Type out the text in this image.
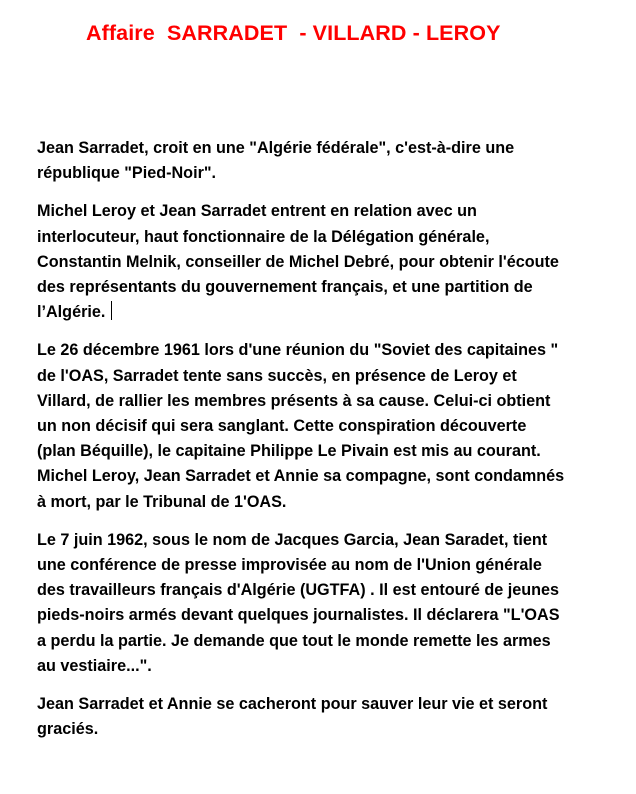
Affaire  SARRADET  - VILLARD - LEROY

Jean Sarradet, croit en une "Algérie fédérale", c'est-à-dire une
république "Pied-Noir".

Michel Leroy et Jean Sarradet entrent en relation avec un
interlocuteur, haut fonctionnaire de la Délégation générale,
Constantin Melnik, conseiller de Michel Debré, pour obtenir l'écoute
des représentants du gouvernement français, et une partition de
l’Algérie.

Le 26 décembre 1961 lors d'une réunion du "Soviet des capitaines "
de l'OAS, Sarradet tente sans succès, en présence de Leroy et
Villard, de rallier les membres présents à sa cause. Celui-ci obtient
un non décisif qui sera sanglant. Cette conspiration découverte
(plan Béquille), le capitaine Philippe Le Pivain est mis au courant.
Michel Leroy, Jean Sarradet et Annie sa compagne, sont condamnés
à mort, par le Tribunal de 1'OAS.

Le 7 juin 1962, sous le nom de Jacques Garcia, Jean Saradet, tient
une conférence de presse improvisée au nom de l'Union générale
des travailleurs français d'Algérie (UGTFA) . Il est entouré de jeunes
pieds-noirs armés devant quelques journalistes. Il déclarera "L'OAS
a perdu la partie. Je demande que tout le monde remette les armes
au vestiaire...".

Jean Sarradet et Annie se cacheront pour sauver leur vie et seront
graciés.
